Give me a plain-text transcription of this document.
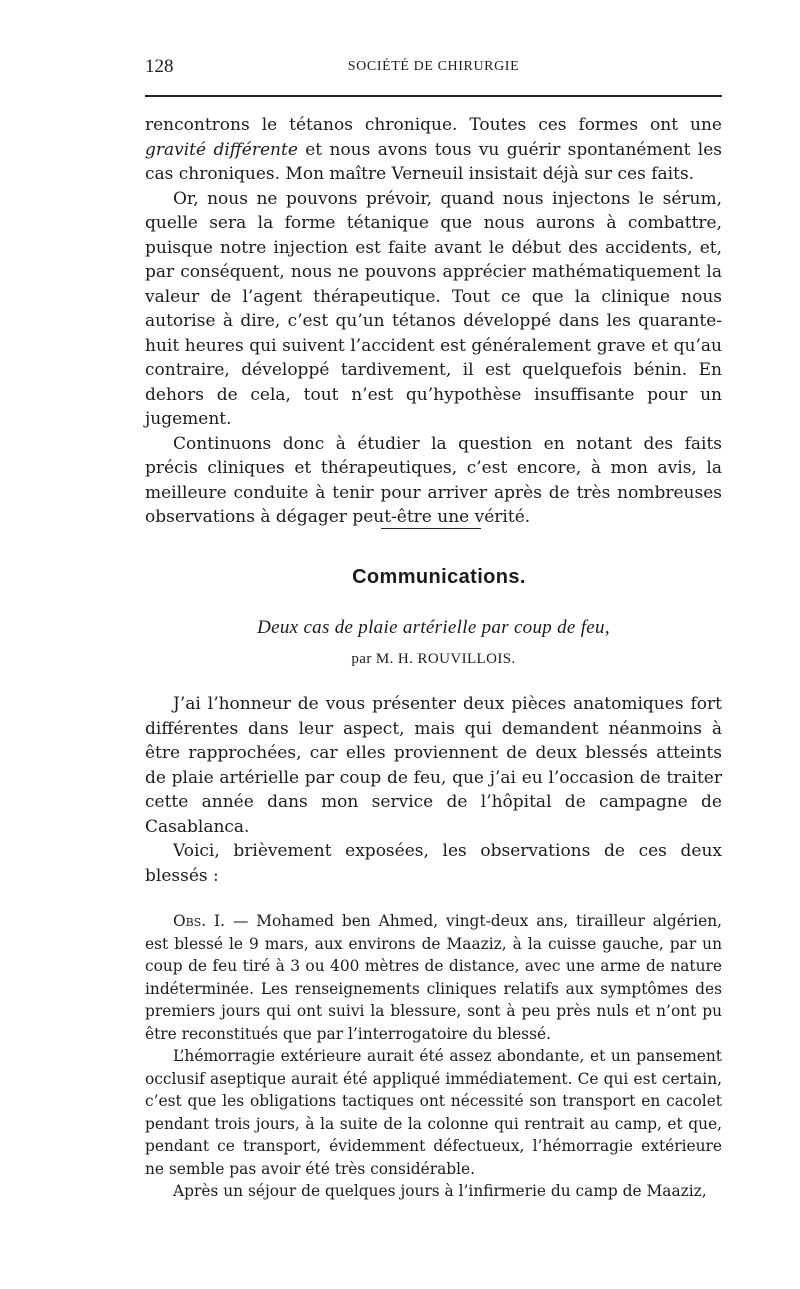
128	SOCIÉTÉ DE CHIRURGIE

rencontrons le tétanos chronique. Toutes ces formes ont une gravité différente et nous avons tous vu guérir spontanément les cas chroniques. Mon maître Verneuil insistait déjà sur ces faits.

Or, nous ne pouvons prévoir, quand nous injectons le sérum, quelle sera la forme tétanique que nous aurons à combattre, puisque notre injection est faite avant le début des accidents, et, par conséquent, nous ne pouvons apprécier mathématiquement la valeur de l’agent thérapeutique. Tout ce que la clinique nous autorise à dire, c’est qu’un tétanos développé dans les quarante-huit heures qui suivent l’accident est généralement grave et qu’au contraire, développé tardivement, il est quelquefois bénin. En dehors de cela, tout n’est qu’hypothèse insuffisante pour un jugement.

Continuons donc à étudier la question en notant des faits précis cliniques et thérapeutiques, c’est encore, à mon avis, la meilleure conduite à tenir pour arriver après de très nombreuses observations à dégager peut-être une vérité.

Communications.
Deux cas de plaie artérielle par coup de feu,
par M. H. ROUVILLOIS.

J’ai l’honneur de vous présenter deux pièces anatomiques fort différentes dans leur aspect, mais qui demandent néanmoins à être rapprochées, car elles proviennent de deux blessés atteints de plaie artérielle par coup de feu, que j’ai eu l’occasion de traiter cette année dans mon service de l’hôpital de campagne de Casablanca.

Voici, brièvement exposées, les observations de ces deux blessés :

Obs. I. — Mohamed ben Ahmed, vingt-deux ans, tirailleur algérien, est blessé le 9 mars, aux environs de Maaziz, à la cuisse gauche, par un coup de feu tiré à 3 ou 400 mètres de distance, avec une arme de nature indéterminée. Les renseignements cliniques relatifs aux symptômes des premiers jours qui ont suivi la blessure, sont à peu près nuls et n’ont pu être reconstitués que par l’interrogatoire du blessé.

L’hémorragie extérieure aurait été assez abondante, et un pansement occlusif aseptique aurait été appliqué immédiatement. Ce qui est certain, c’est que les obligations tactiques ont nécessité son transport en cacolet pendant trois jours, à la suite de la colonne qui rentrait au camp, et que, pendant ce transport, évidemment défectueux, l’hémorragie extérieure ne semble pas avoir été très considérable.

Après un séjour de quelques jours à l’infirmerie du camp de Maaziz,
